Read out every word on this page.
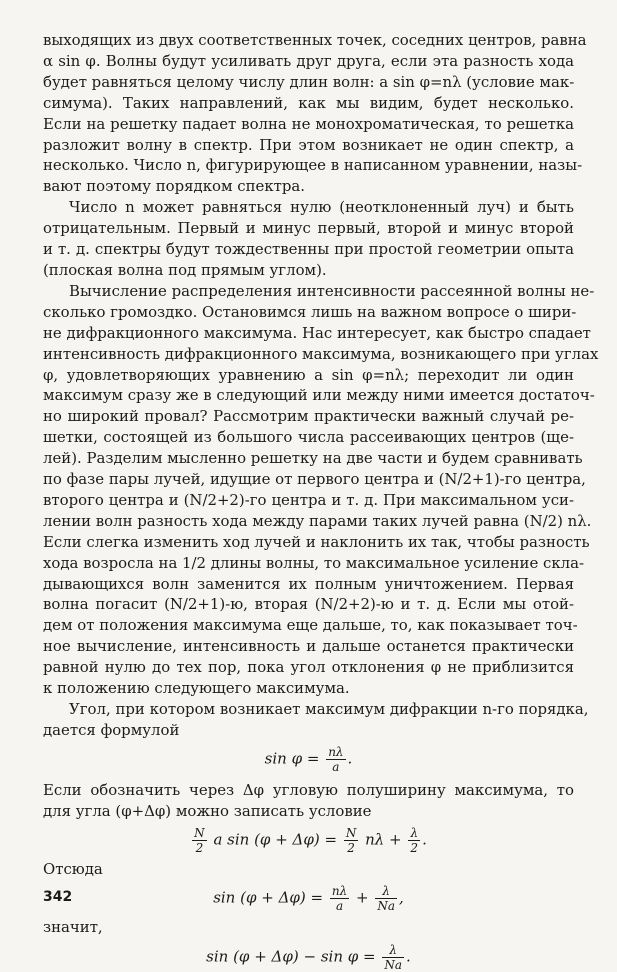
выходящих из двух соответственных точек, соседних центров, равна
α sin φ. Волны будут усиливать друг друга, если эта разность хода
будет равняться целому числу длин волн: a sin φ=nλ (условие мак-
симума). Таких направлений, как мы видим, будет несколько.
Если на решетку падает волна не монохроматическая, то решетка
разложит волну в спектр. При этом возникает не один спектр, а
несколько. Число n, фигурирующее в написанном уравнении, назы-
вают поэтому порядком спектра.

Число n может равняться нулю (неотклоненный луч) и быть
отрицательным. Первый и минус первый, второй и минус второй
и т. д. спектры будут тождественны при простой геометрии опыта
(плоская волна под прямым углом).

Вычисление распределения интенсивности рассеянной волны не-
сколько громоздко. Остановимся лишь на важном вопросе о шири-
не дифракционного максимума. Нас интересует, как быстро спадает
интенсивность дифракционного максимума, возникающего при углах
φ, удовлетворяющих уравнению a sin φ=nλ; переходит ли один
максимум сразу же в следующий или между ними имеется достаточ-
но широкий провал? Рассмотрим практически важный случай ре-
шетки, состоящей из большого числа рассеивающих центров (ще-
лей). Разделим мысленно решетку на две части и будем сравнивать
по фазе пары лучей, идущие от первого центра и (N/2+1)-го центра,
второго центра и (N/2+2)-го центра и т. д. При максимальном уси-
лении волн разность хода между парами таких лучей равна (N/2) nλ.
Если слегка изменить ход лучей и наклонить их так, чтобы разность
хода возросла на 1/2 длины волны, то максимальное усиление скла-
дывающихся волн заменится их полным уничтожением. Первая
волна погасит (N/2+1)-ю, вторая (N/2+2)-ю и т. д. Если мы отой-
дем от положения максимума еще дальше, то, как показывает точ-
ное вычисление, интенсивность и дальше останется практически
равной нулю до тех пор, пока угол отклонения φ не приблизится
к положению следующего максимума.

Угол, при котором возникает максимум дифракции n-го порядка,
дается формулой

$\sin \varphi = \frac{n\lambda}{a}$ .

Если обозначить через Δφ угловую полуширину максимума, то
для угла (φ+Δφ) можно записать условие

$\frac{N}{2}$ a $\sin (\varphi + \Delta\varphi) = \frac{N}{2}$ $n\lambda + \frac{\lambda}{2}$ .

Отсюда

$\sin (\varphi + \Delta\varphi) = \frac{n\lambda}{a} + \frac{\lambda}{Na}$ ,

значит,

$\sin (\varphi + \Delta\varphi) - \sin \varphi = \frac{\lambda}{Na}$ .
342
